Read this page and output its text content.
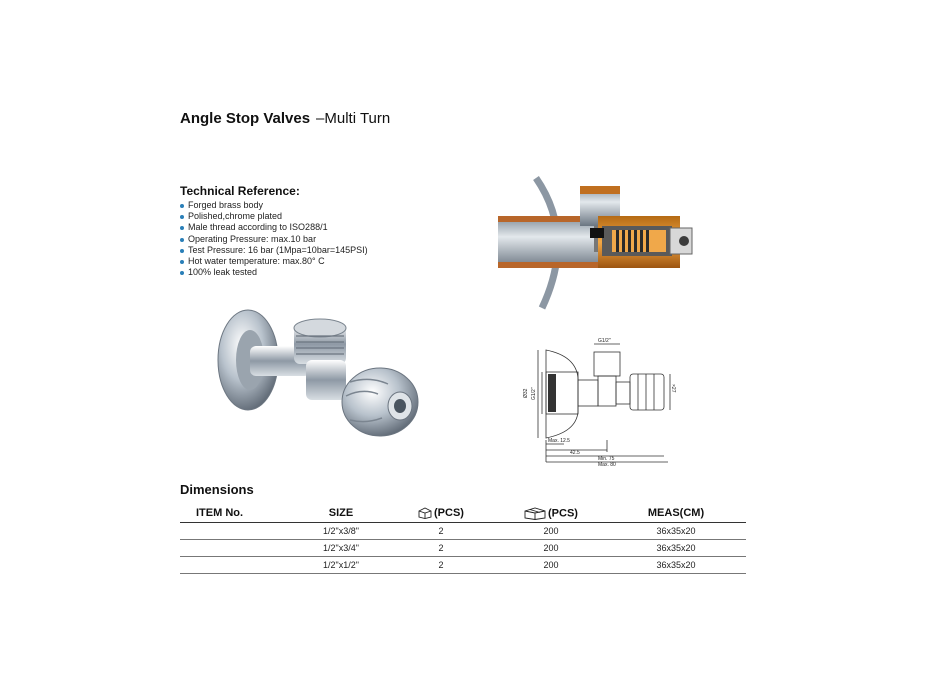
Angle Stop Valves –Multi Turn
Technical Reference:
Forged brass body
Polished,chrome plated
Male thread according to ISO288/1
Operating Pressure: max.10 bar
Test Pressure: 16 bar (1Mpa=10bar=145PSI)
Hot water temperature: max.80° C
100% leak tested
G1/2"
Ø32 G1/2"	×27
Max. 12.5
42.5
Min. 75
Max. 80
Dimensions
ITEM No.	SIZE	(PCS)	(PCS)	MEAS(CM)
	1/2"x3/8"	2	200	36x35x20
	1/2"x3/4"	2	200	36x35x20
	1/2"x1/2"	2	200	36x35x20
